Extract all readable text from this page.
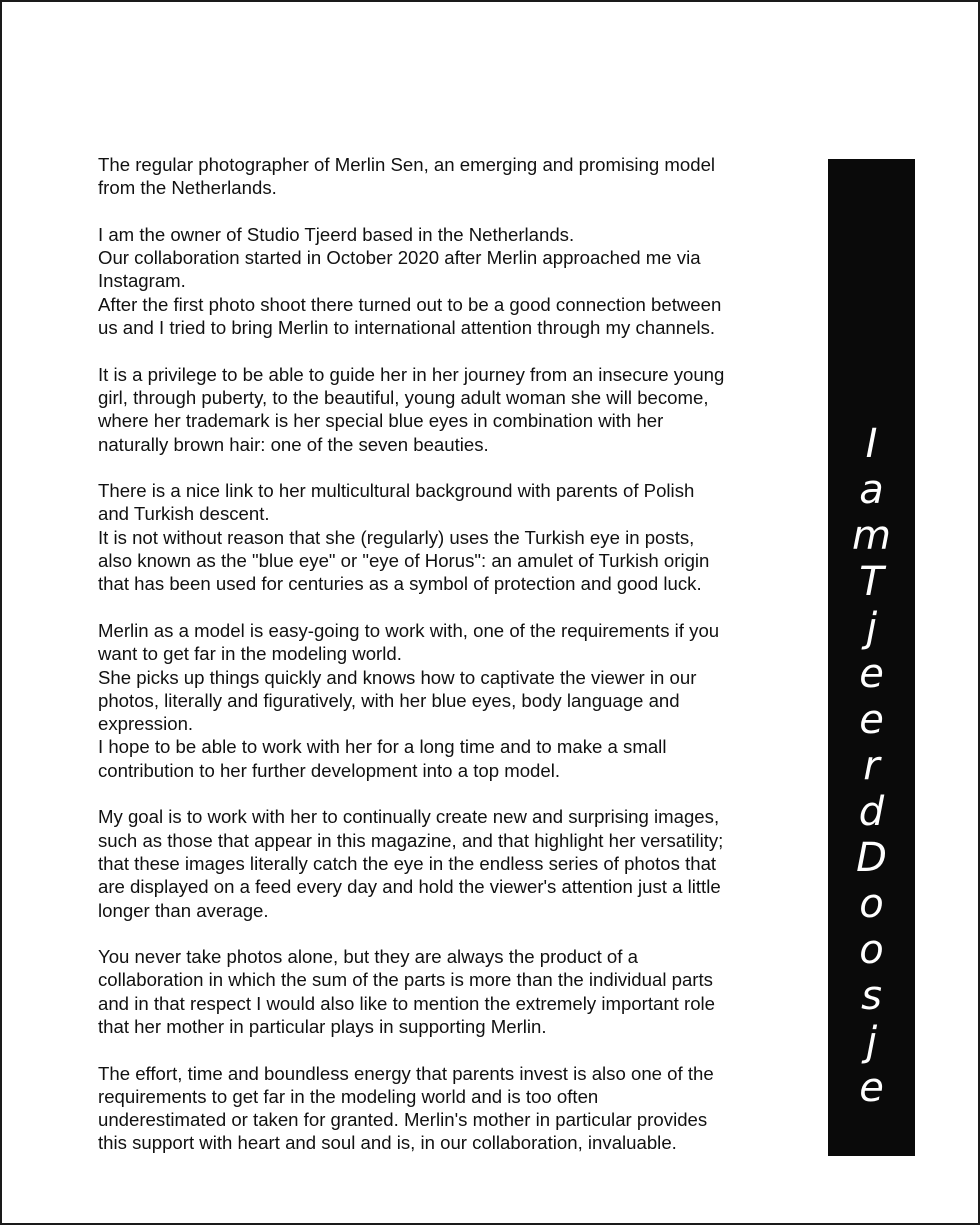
The regular photographer of Merlin Sen, an emerging and promising model
from the Netherlands.

I am the owner of Studio Tjeerd based in the Netherlands.
Our collaboration started in October 2020 after Merlin approached me via
Instagram.
After the first photo shoot there turned out to be a good connection between
us and I tried to bring Merlin to international attention through my channels.

It is a privilege to be able to guide her in her journey from an insecure young
girl, through puberty, to the beautiful, young adult woman she will become,
where her trademark is her special blue eyes in combination with her
naturally brown hair: one of the seven beauties.

There is a nice link to her multicultural background with parents of Polish
and Turkish descent.
It is not without reason that she (regularly) uses the Turkish eye in posts,
also known as the "blue eye" or "eye of Horus": an amulet of Turkish origin
that has been used for centuries as a symbol of protection and good luck.

Merlin as a model is easy-going to work with, one of the requirements if you
want to get far in the modeling world.
She picks up things quickly and knows how to captivate the viewer in our
photos, literally and figuratively, with her blue eyes, body language and
expression.
I hope to be able to work with her for a long time and to make a small
contribution to her further development into a top model.

My goal is to work with her to continually create new and surprising images,
such as those that appear in this magazine, and that highlight her versatility;
that these images literally catch the eye in the endless series of photos that
are displayed on a feed every day and hold the viewer's attention just a little
longer than average.

You never take photos alone, but they are always the product of a
collaboration in which the sum of the parts is more than the individual parts
and in that respect I would also like to mention the extremely important role
that her mother in particular plays in supporting Merlin.

The effort, time and boundless energy that parents invest is also one of the
requirements to get far in the modeling world and is too often
underestimated or taken for granted. Merlin's mother in particular provides
this support with heart and soul and is, in our collaboration, invaluable.

I
a
m
T
j
e
e
r
d
D
o
o
s
j
e
